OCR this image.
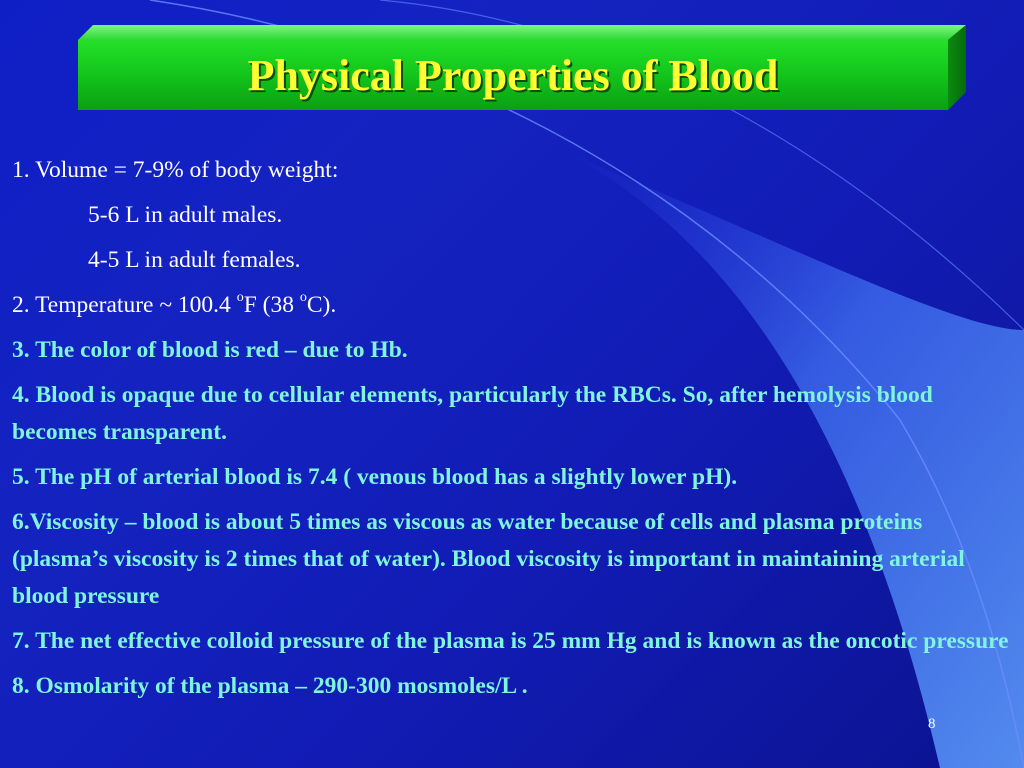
Physical Properties of Blood
1. Volume = 7-9% of body weight:
5-6 L in adult males.
4-5 L in adult females.
2. Temperature ~ 100.4 $^o$F (38 $^o$C).
3. The color of blood is red – due to Hb.
4. Blood is opaque due to cellular elements, particularly the RBCs. So, after hemolysis blood becomes transparent.
5. The pH of arterial blood is 7.4 ( venous blood has a slightly lower pH).
6.Viscosity – blood is about 5 times as viscous as water because of cells and plasma proteins (plasma’s viscosity is 2 times that of water). Blood viscosity is important in maintaining arterial blood pressure
7. The net effective colloid pressure of the plasma is 25 mm Hg and is known as the oncotic pressure
8. Osmolarity of the plasma – 290-300 mosmoles/L .
8
